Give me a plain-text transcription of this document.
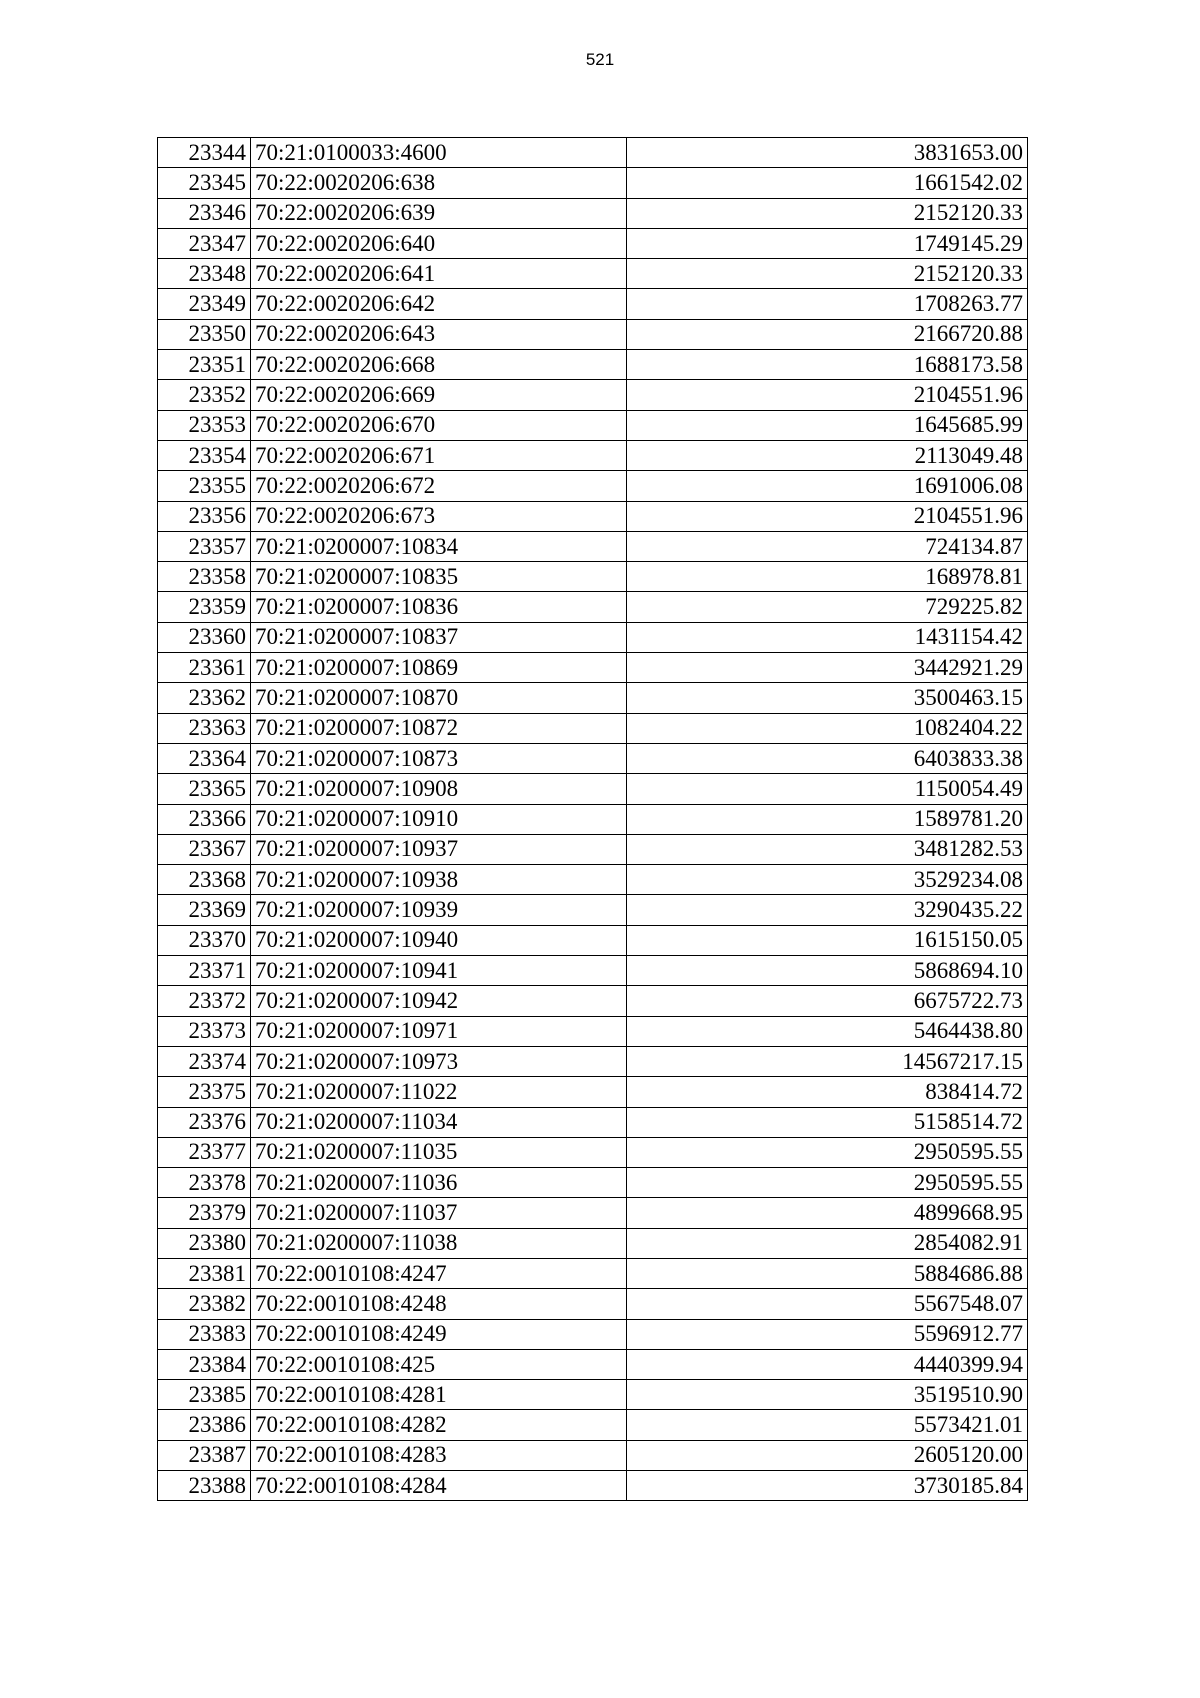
521
23344	70:21:0100033:4600	3831653.00
23345	70:22:0020206:638	1661542.02
23346	70:22:0020206:639	2152120.33
23347	70:22:0020206:640	1749145.29
23348	70:22:0020206:641	2152120.33
23349	70:22:0020206:642	1708263.77
23350	70:22:0020206:643	2166720.88
23351	70:22:0020206:668	1688173.58
23352	70:22:0020206:669	2104551.96
23353	70:22:0020206:670	1645685.99
23354	70:22:0020206:671	2113049.48
23355	70:22:0020206:672	1691006.08
23356	70:22:0020206:673	2104551.96
23357	70:21:0200007:10834	724134.87
23358	70:21:0200007:10835	168978.81
23359	70:21:0200007:10836	729225.82
23360	70:21:0200007:10837	1431154.42
23361	70:21:0200007:10869	3442921.29
23362	70:21:0200007:10870	3500463.15
23363	70:21:0200007:10872	1082404.22
23364	70:21:0200007:10873	6403833.38
23365	70:21:0200007:10908	1150054.49
23366	70:21:0200007:10910	1589781.20
23367	70:21:0200007:10937	3481282.53
23368	70:21:0200007:10938	3529234.08
23369	70:21:0200007:10939	3290435.22
23370	70:21:0200007:10940	1615150.05
23371	70:21:0200007:10941	5868694.10
23372	70:21:0200007:10942	6675722.73
23373	70:21:0200007:10971	5464438.80
23374	70:21:0200007:10973	14567217.15
23375	70:21:0200007:11022	838414.72
23376	70:21:0200007:11034	5158514.72
23377	70:21:0200007:11035	2950595.55
23378	70:21:0200007:11036	2950595.55
23379	70:21:0200007:11037	4899668.95
23380	70:21:0200007:11038	2854082.91
23381	70:22:0010108:4247	5884686.88
23382	70:22:0010108:4248	5567548.07
23383	70:22:0010108:4249	5596912.77
23384	70:22:0010108:425	4440399.94
23385	70:22:0010108:4281	3519510.90
23386	70:22:0010108:4282	5573421.01
23387	70:22:0010108:4283	2605120.00
23388	70:22:0010108:4284	3730185.84
